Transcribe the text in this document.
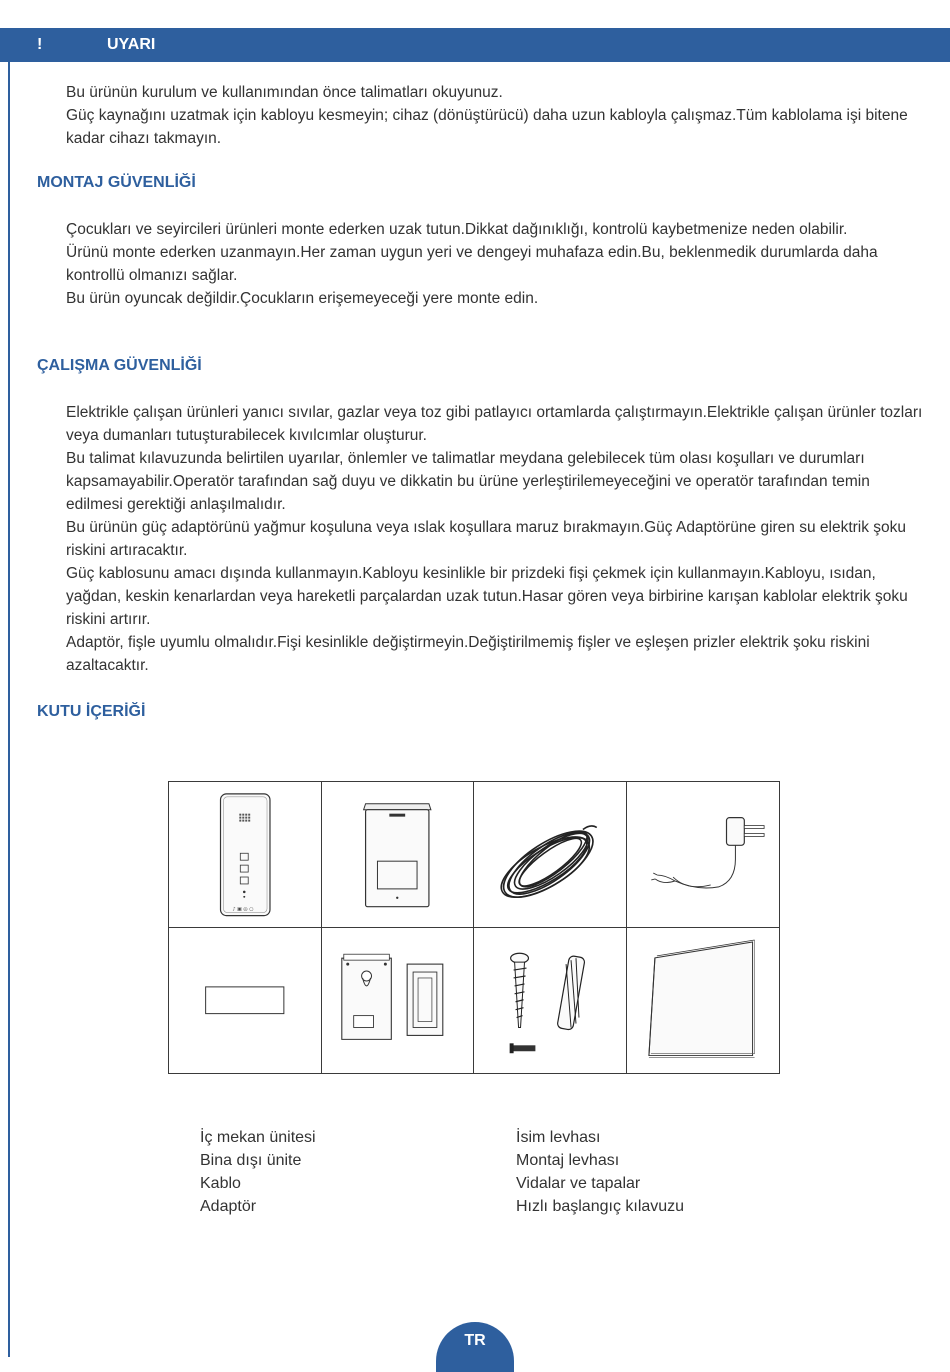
!	UYARI

Bu ürünün kurulum ve kullanımından önce talimatları okuyunuz.

Güç kaynağını uzatmak için kabloyu kesmeyin; cihaz (dönüştürücü) daha uzun kabloyla çalışmaz.Tüm kablolama işi bitene kadar cihazı takmayın.

MONTAJ GÜVENLİĞİ

Çocukları ve seyircileri ürünleri monte ederken uzak tutun.Dikkat dağınıklığı, kontrolü kaybetmenize neden olabilir.

Ürünü monte ederken uzanmayın.Her zaman uygun yeri ve dengeyi muhafaza edin.Bu, beklenmedik durumlarda daha kontrollü olmanızı sağlar.

Bu ürün oyuncak değildir.Çocukların erişemeyeceği yere monte edin.

ÇALIŞMA GÜVENLİĞİ

Elektrikle çalışan ürünleri yanıcı sıvılar, gazlar veya toz gibi patlayıcı ortamlarda çalıştırmayın.Elektrikle çalışan ürünler tozları veya dumanları tutuşturabilecek kıvılcımlar oluşturur.

Bu talimat kılavuzunda belirtilen uyarılar, önlemler ve talimatlar meydana gelebilecek tüm olası koşulları ve durumları kapsamayabilir.Operatör tarafından sağ duyu ve dikkatin bu ürüne yerleştirilemeyeceğini ve operatör tarafından temin edilmesi gerektiği anlaşılmalıdır.

Bu ürünün güç adaptörünü yağmur koşuluna veya ıslak koşullara maruz bırakmayın.Güç Adaptörüne giren su elektrik şoku riskini artıracaktır.

Güç kablosunu amacı dışında kullanmayın.Kabloyu kesinlikle bir prizdeki fişi çekmek için kullanmayın.Kabloyu, ısıdan, yağdan, keskin kenarlardan veya hareketli parçalardan uzak tutun.Hasar gören veya birbirine karışan kablolar elektrik şoku riskini artırır.

Adaptör, fişle uyumlu olmalıdır.Fişi kesinlikle değiştirmeyin.Değiştirilmemiş fişler ve eşleşen prizler elektrik şoku riskini azaltacaktır.

KUTU İÇERİĞİ
♪ ▣ ◎ ○
İç mekan ünitesi
Bina dışı ünite
Kablo
Adaptör
İsim levhası
Montaj levhası
Vidalar ve tapalar
Hızlı başlangıç kılavuzu
TR
